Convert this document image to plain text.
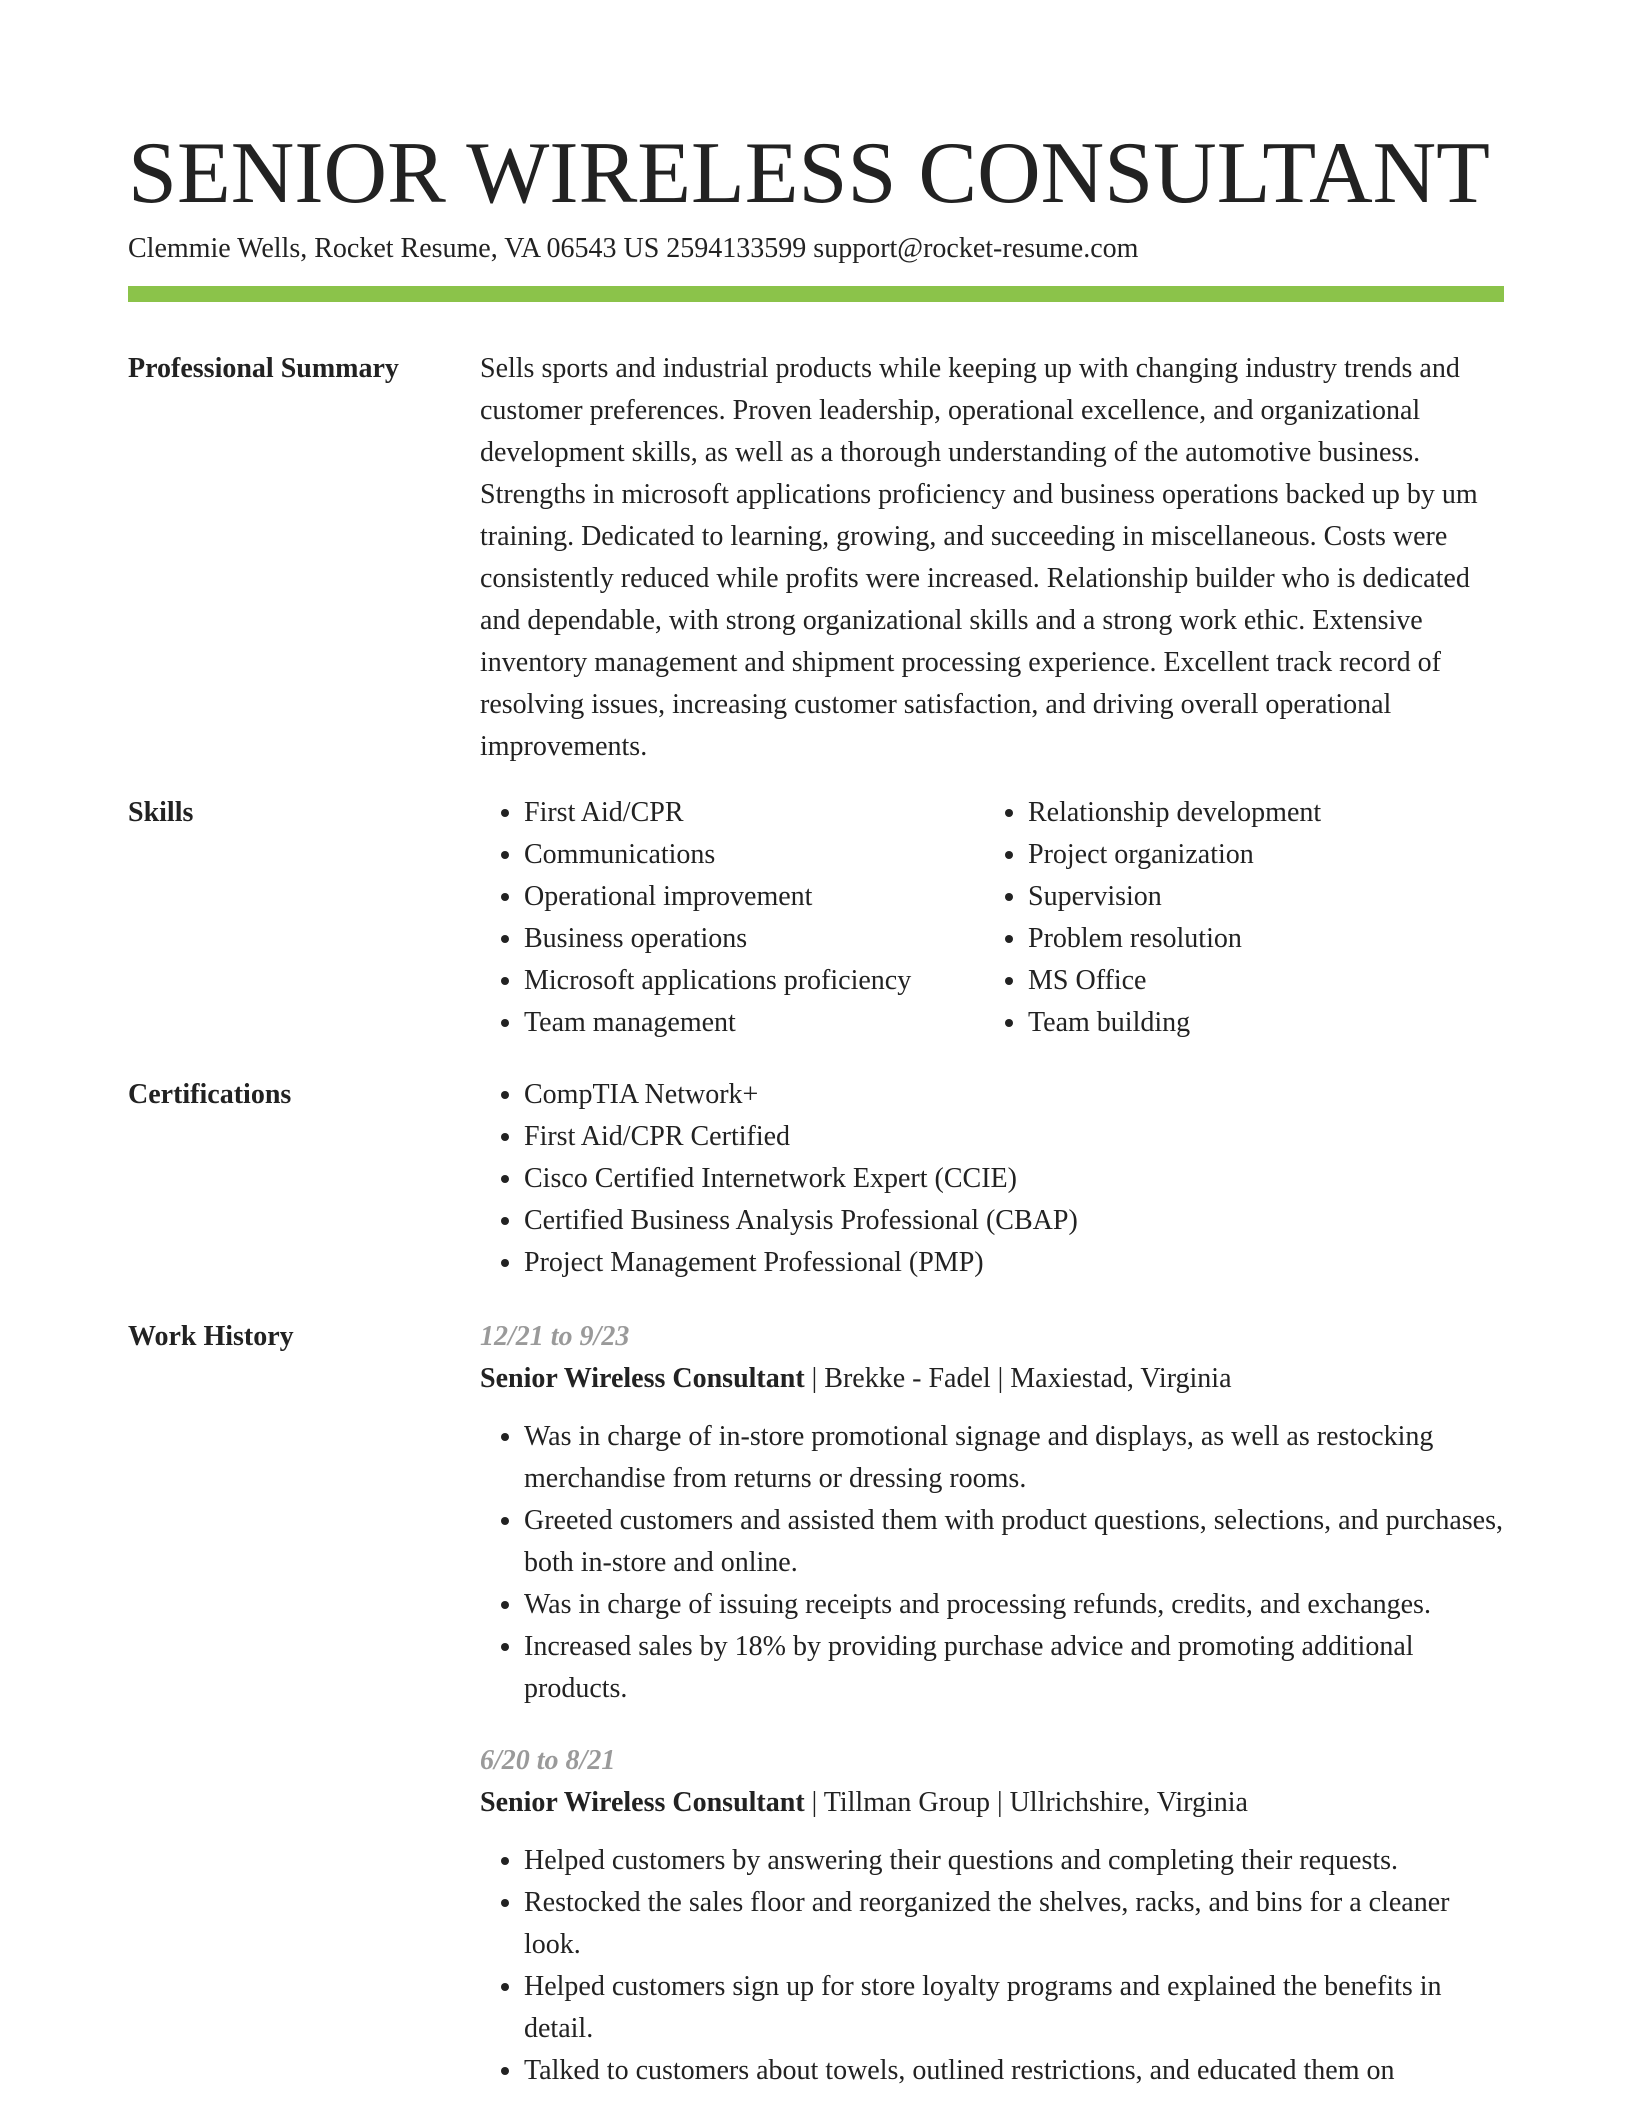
SENIOR WIRELESS CONSULTANT
Clemmie Wells, Rocket Resume, VA 06543 US 2594133599 support@rocket-resume.com
Professional Summary	Sells sports and industrial products while keeping up with changing industry trends and customer preferences. Proven leadership, operational excellence, and organizational development skills, as well as a thorough understanding of the automotive business. Strengths in microsoft applications proficiency and business operations backed up by um training. Dedicated to learning, growing, and succeeding in miscellaneous. Costs were consistently reduced while profits were increased. Relationship builder who is dedicated and dependable, with strong organizational skills and a strong work ethic. Extensive inventory management and shipment processing experience. Excellent track record of resolving issues, increasing customer satisfaction, and driving overall operational improvements.

Skills	• First Aid/CPR
• Communications
• Operational improvement
• Business operations
• Microsoft applications proficiency
• Team management
• Relationship development
• Project organization
• Supervision
• Problem resolution
• MS Office
• Team building
Certifications	• CompTIA Network+
• First Aid/CPR Certified
• Cisco Certified Internetwork Expert (CCIE)
• Certified Business Analysis Professional (CBAP)
• Project Management Professional (PMP)
Work History	12/21 to 9/23
Senior Wireless Consultant | Brekke - Fadel | Maxiestad, Virginia
• Was in charge of in-store promotional signage and displays, as well as restocking merchandise from returns or dressing rooms.
• Greeted customers and assisted them with product questions, selections, and purchases, both in-store and online.
• Was in charge of issuing receipts and processing refunds, credits, and exchanges.
• Increased sales by 18% by providing purchase advice and promoting additional products.
6/20 to 8/21
Senior Wireless Consultant | Tillman Group | Ullrichshire, Virginia
• Helped customers by answering their questions and completing their requests.
• Restocked the sales floor and reorganized the shelves, racks, and bins for a cleaner look.
• Helped customers sign up for store loyalty programs and explained the benefits in detail.
• Talked to customers about towels, outlined restrictions, and educated them on
